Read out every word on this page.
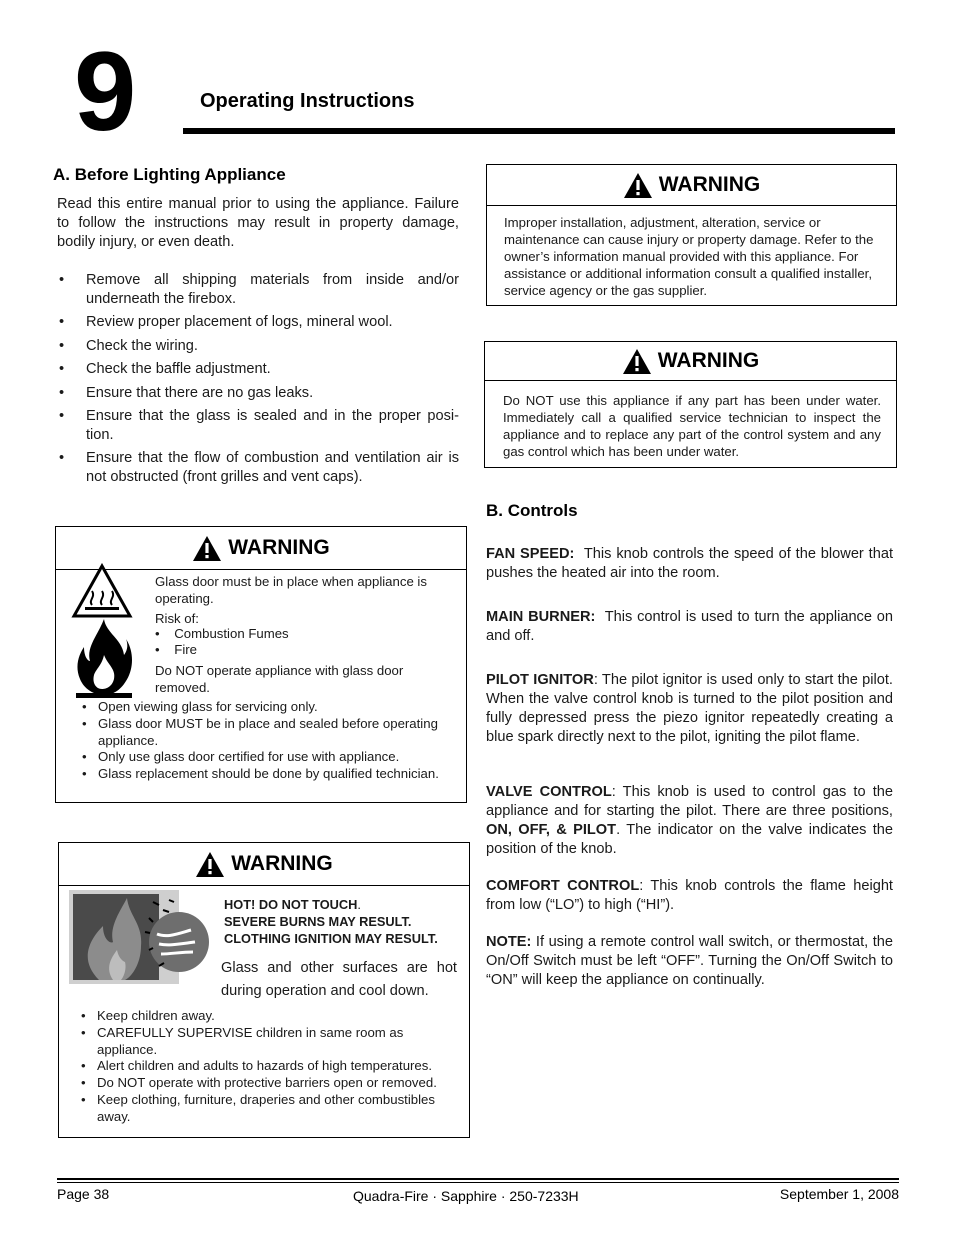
9	Operating Instructions
A. Before Lighting Appliance
Read this entire manual prior to using the appliance. Failure to follow the instructions may result in property damage, bodily injury, or even death.
• Remove all shipping materials from inside and/or underneath the firebox.
• Review proper placement of logs, mineral wool.
• Check the wiring.
• Check the baffle adjustment.
• Ensure that there are no gas leaks.
• Ensure that the glass is sealed and in the proper posi-tion.
• Ensure that the flow of combustion and ventilation air is not obstructed (front grilles and vent caps).
WARNING
Glass door must be in place when appliance is operating.
Risk of:
•    Combustion Fumes
•    Fire
Do NOT operate appliance with glass door removed.
• Open viewing glass for servicing only.
• Glass door MUST be in place and sealed before operating appliance.
• Only use glass door certified for use with appliance.
• Glass replacement should be done by qualified technician.
WARNING
HOT! DO NOT TOUCH.
SEVERE BURNS MAY RESULT.
CLOTHING IGNITION MAY RESULT.
Glass and other surfaces are hot during operation and cool down.
• Keep children away.
• CAREFULLY SUPERVISE children in same room as appliance.
• Alert children and adults to hazards of high temperatures.
• Do NOT operate with protective barriers open or removed.
• Keep clothing, furniture, draperies and other combustibles away.
WARNING
Improper installation, adjustment, alteration, service or maintenance can cause injury or property damage. Refer to the owner’s information manual provided with this appliance. For assistance or additional information consult a qualified installer, service agency or the gas supplier.
WARNING
Do NOT use this appliance if any part has been under water. Immediately call a qualified service technician to inspect the appliance and to replace any part of the control system and any gas control which has been under water.
B. Controls
FAN SPEED: This knob controls the speed of the blower that pushes the heated air into the room.
MAIN BURNER: This control is used to turn the appliance on and off.
PILOT IGNITOR: The pilot ignitor is used only to start the pilot. When the valve control knob is turned to the pilot position and fully depressed press the piezo ignitor repeatedly creating a blue spark directly next to the pilot, igniting the pilot flame.
VALVE CONTROL: This knob is used to control gas to the appliance and for starting the pilot. There are three positions, ON, OFF, & PILOT. The indicator on the valve indicates the position of the knob.
COMFORT CONTROL: This knob controls the flame height from low (“LO”) to high (“HI”).
NOTE: If using a remote control wall switch, or thermostat, the On/Off Switch must be left “OFF”. Turning the On/Off Switch to “ON” will keep the appliance on continually.
Page 38	Quadra-Fire · Sapphire · 250-7233H	September 1, 2008
